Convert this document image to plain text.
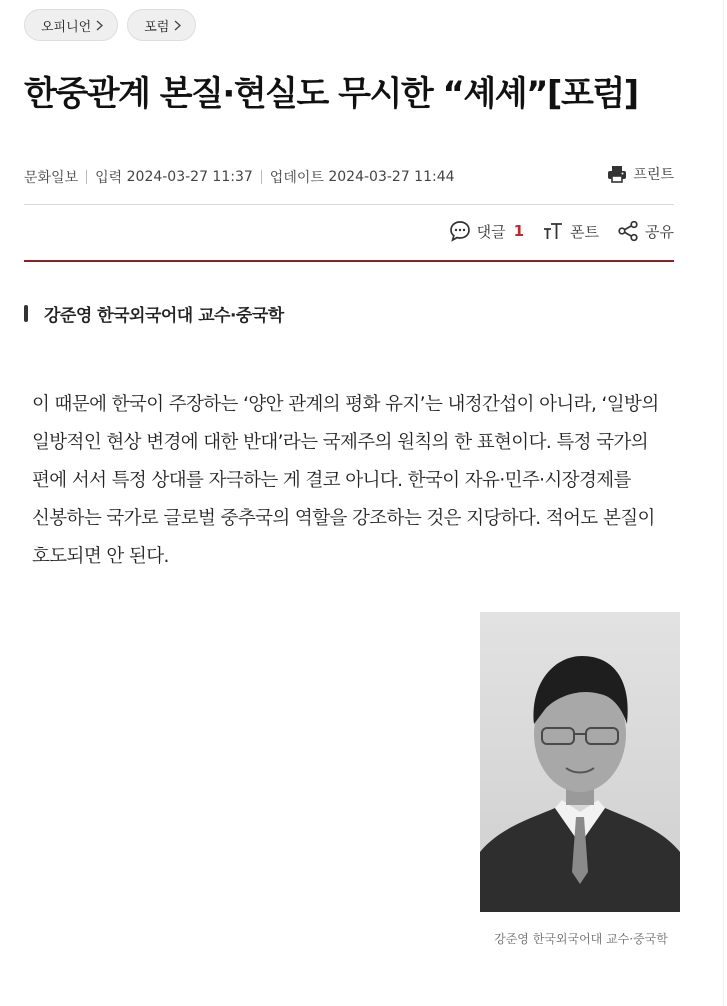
오피니언	포럼
한중관계 본질·현실도 무시한 “셰셰”[포럼]
문화일보 입력
2024-03-27 11:37 업데이트
2024-03-27 11:44	프린트
댓글 1	폰트	공유
강준영 한국외국어대 교수·중국학

이 때문에 한국이 주장하는 ‘양안 관계의 평화 유지’는 내정간섭이 아니라, ‘일방의 일방적인 현상 변경에 대한 반대’라는 국제주의 원칙의 한 표현이다. 특정 국가의 편에 서서 특정 상대를 자극하는 게 결코 아니다. 한국이 자유·민주·시장경제를 신봉하는 국가로 글로벌 중추국의 역할을 강조하는 것은 지당하다. 적어도 본질이 호도되면 안 된다.

강준영 한국외국어대 교수·중국학
